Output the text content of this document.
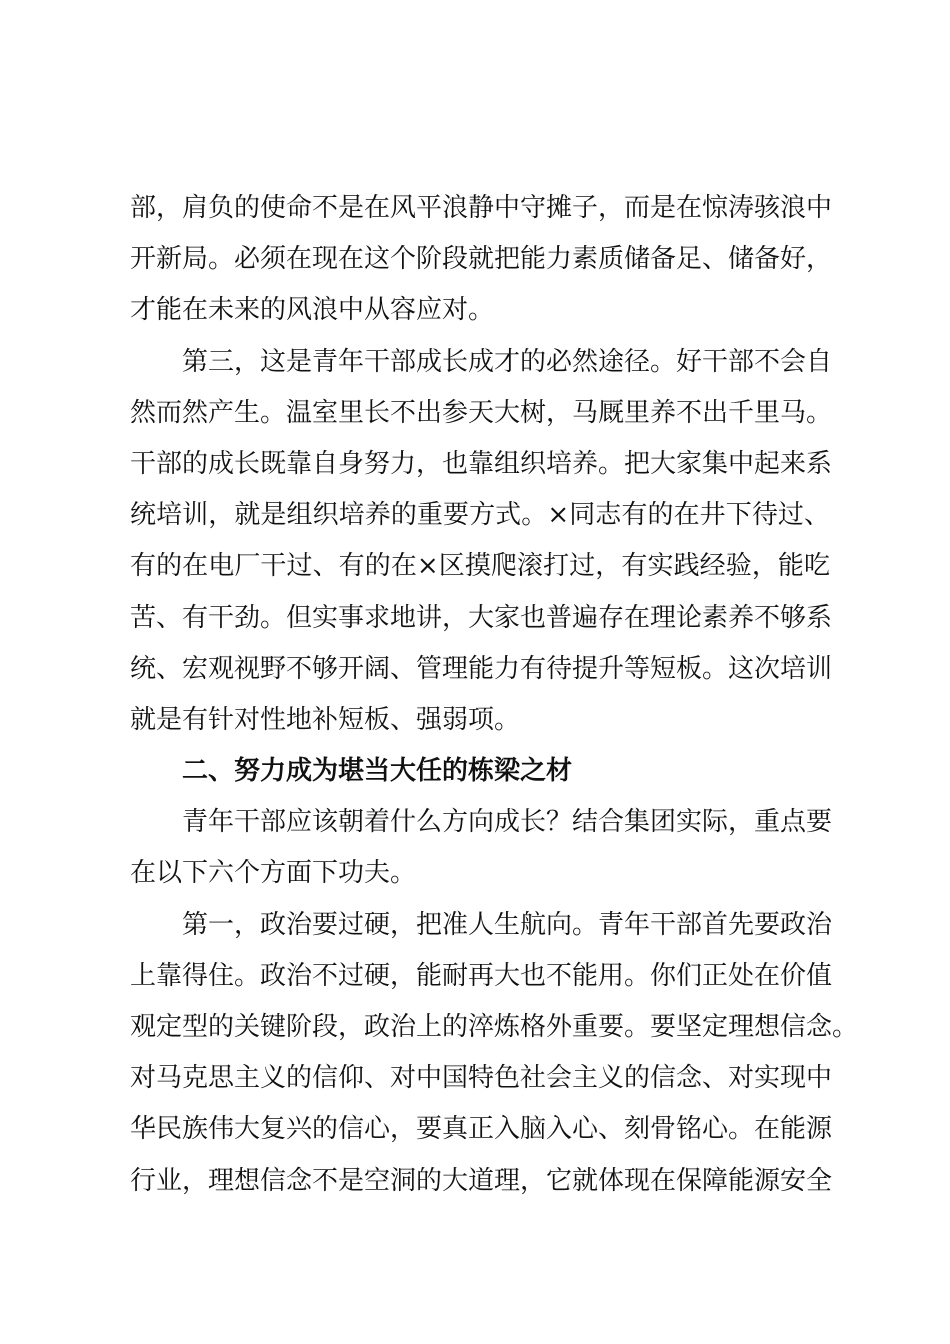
部，肩负的使命不是在风平浪静中守摊子，而是在惊涛骇浪中
开新局。必须在现在这个阶段就把能力素质储备足、储备好，
才能在未来的风浪中从容应对。
第三，这是青年干部成长成才的必然途径。好干部不会自
然而然产生。温室里长不出参天大树，马厩里养不出千里马。
干部的成长既靠自身努力，也靠组织培养。把大家集中起来系
统培训，就是组织培养的重要方式。×同志有的在井下待过、
有的在电厂干过、有的在×区摸爬滚打过，有实践经验，能吃
苦、有干劲。但实事求地讲，大家也普遍存在理论素养不够系
统、宏观视野不够开阔、管理能力有待提升等短板。这次培训
就是有针对性地补短板、强弱项。
二、努力成为堪当大任的栋梁之材
青年干部应该朝着什么方向成长？结合集团实际，重点要
在以下六个方面下功夫。
第一，政治要过硬，把准人生航向。青年干部首先要政治
上靠得住。政治不过硬，能耐再大也不能用。你们正处在价值
观定型的关键阶段，政治上的淬炼格外重要。要坚定理想信念。
对马克思主义的信仰、对中国特色社会主义的信念、对实现中
华民族伟大复兴的信心，要真正入脑入心、刻骨铭心。在能源
行业，理想信念不是空洞的大道理，它就体现在保障能源安全
